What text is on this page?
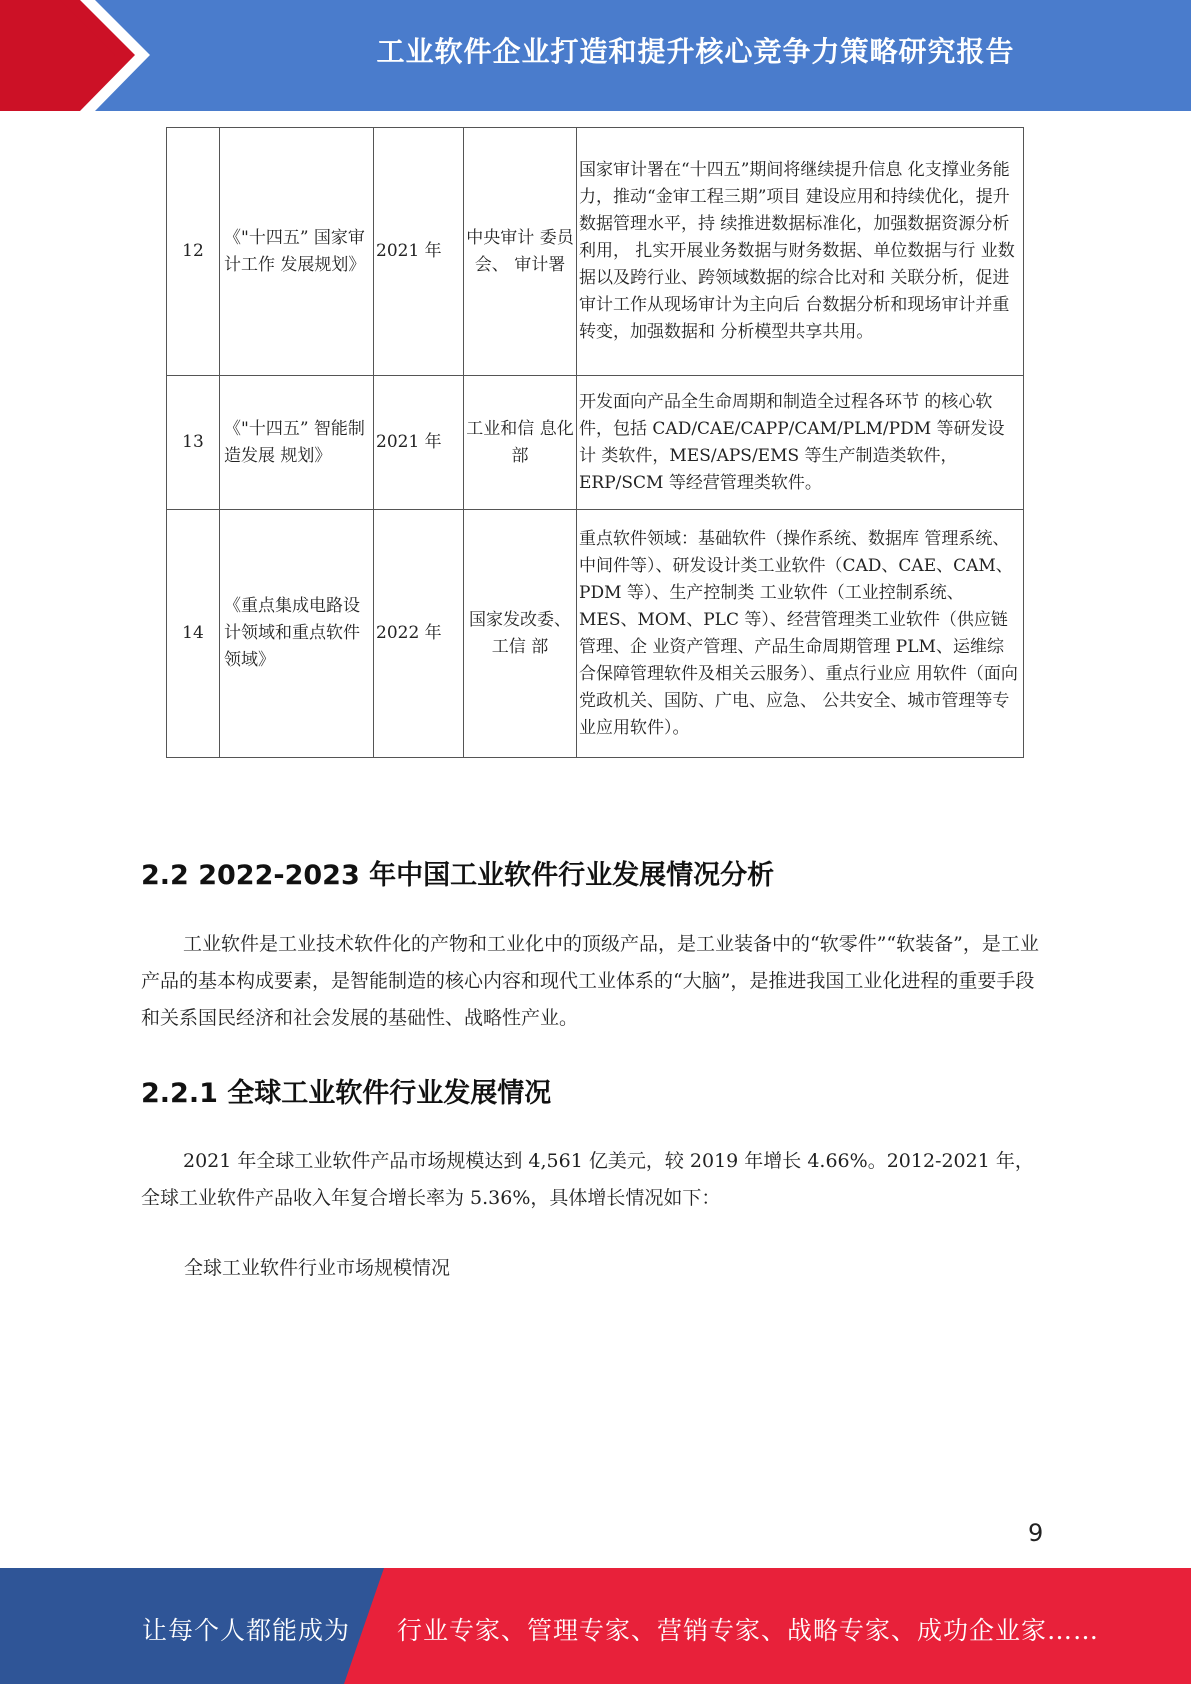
工业软件企业打造和提升核心竞争力策略研究报告
12	《"十四五” 国家审计工作 发展规划》	2021 年	中央审计 委员会、 审计署	国家审计署在“十四五”期间将继续提升信息 化支撑业务能力，推动“金审工程三期”项目 建设应用和持续优化，提升数据管理水平，持 续推进数据标准化，加强数据资源分析利用， 扎实开展业务数据与财务数据、单位数据与行 业数据以及跨行业、跨领域数据的综合比对和 关联分析，促进审计工作从现场审计为主向后 台数据分析和现场审计并重转变，加强数据和 分析模型共享共用。
13	《"十四五” 智能制造发展 规划》	2021 年	工业和信 息化部	开发面向产品全生命周期和制造全过程各环节 的核心软件，包括 CAD/CAE/CAPP/CAM/PLM/PDM 等研发设计 类软件，MES/APS/EMS 等生产制造类软件， ERP/SCM 等经营管理类软件。
14	《重点集成电路设计领域和重点软件领域》	2022 年	国家发改委、工信 部	重点软件领域：基础软件（操作系统、数据库 管理系统、中间件等）、研发设计类工业软件（CAD、CAE、CAM、PDM 等）、生产控制类 工业软件（工业控制系统、MES、MOM、PLC 等）、经营管理类工业软件（供应链管理、企 业资产管理、产品生命周期管理 PLM、运维综 合保障管理软件及相关云服务）、重点行业应 用软件（面向党政机关、国防、广电、应急、 公共安全、城市管理等专业应用软件）。
2.2 2022-2023 年中国工业软件行业发展情况分析

工业软件是工业技术软件化的产物和工业化中的顶级产品，是工业装备中的“软零件”“软装备”，是工业产品的基本构成要素，是智能制造的核心内容和现代工业体系的“大脑”，是推进我国工业化进程的重要手段和关系国民经济和社会发展的基础性、战略性产业。

2.2.1 全球工业软件行业发展情况

2021 年全球工业软件产品市场规模达到 4,561 亿美元，较 2019 年增长 4.66%。2012-2021 年，全球工业软件产品收入年复合增长率为 5.36%，具体增长情况如下：

全球工业软件行业市场规模情况
9
让每个人都能成为 行业专家、管理专家、营销专家、战略专家、成功企业家……
